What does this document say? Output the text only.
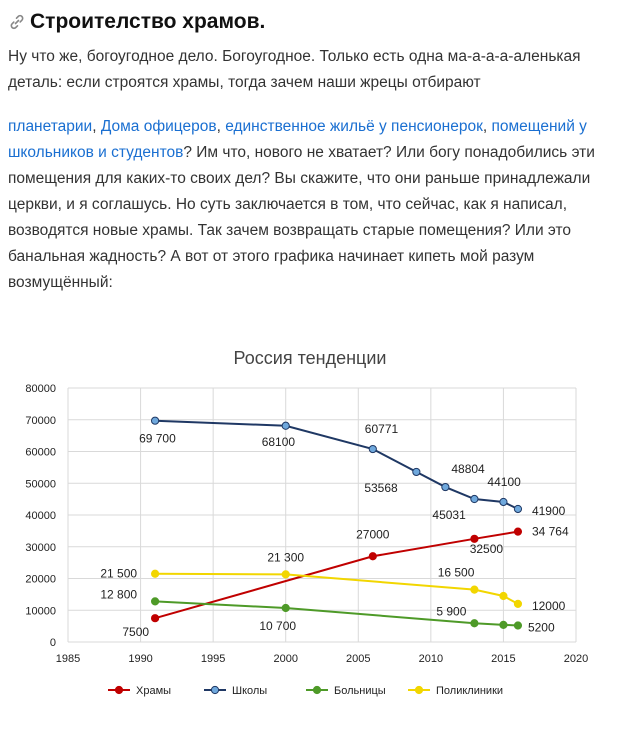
Строителство храмов.

Ну что же, богоугодное дело. Богоугодное. Только есть одна ма-а-а-а-аленькая деталь: если строятся храмы, тогда зачем наши жрецы отбирают

планетарии, Дома офицеров, единственное жильё у пенсионерок, помещений у школьников и студентов? Им что, нового не хватает? Или богу понадобились эти помещения для каких-то своих дел? Вы скажите, что они раньше принадлежали церкви, и я соглашусь. Но суть заключается в том, что сейчас, как я написал, возводятся новые храмы. Так зачем возвращать старые помещения? Или это банальная жадность? А вот от этого графика начинает кипеть мой разум возмущённый:

Россия тенденции
0
10000
20000
30000
40000
50000
60000
70000
80000
1985	1990	1995	2000	2005	2010	2015	2020
7500
27000
32500
34 764
69 700	68100
60771
53568
48804
45031
44100
41900
12 800
10 700
5 900
5200
21 500
21 300
16 500
12000
Храмы	Школы	Больницы	Поликлиники
